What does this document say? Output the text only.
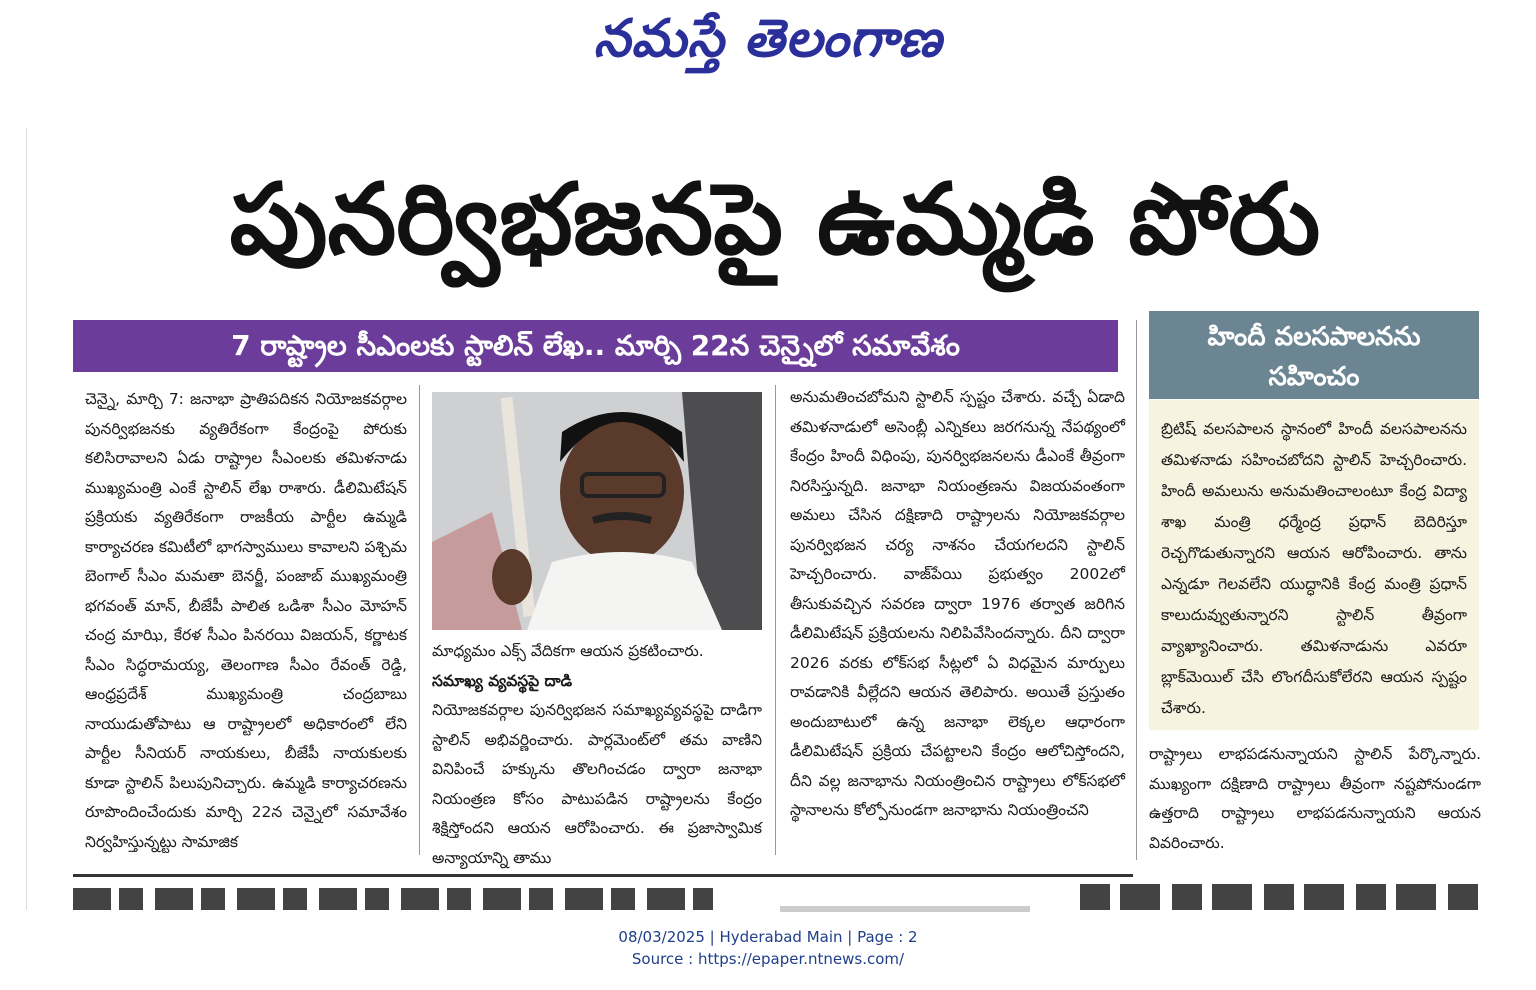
నమస్తే తెలంగాణ
పునర్విభజనపై ఉమ్మడి పోరు
7 రాష్ట్రాల సీఎంలకు స్టాలిన్ లేఖ.. మార్చి 22న చెన్నైలో సమావేశం	హిందీ వలసపాలనను
సహించం
బ్రిటిష్ వలసపాలన స్థానంలో హిందీ వలసపాలనను తమిళనాడు సహించబోదని స్టాలిన్ హెచ్చరించారు. హిందీ అమలును అనుమతించాలంటూ కేంద్ర విద్యా శాఖ మంత్రి ధర్మేంద్ర ప్రధాన్ బెదిరిస్తూ రెచ్చగొడుతున్నారని ఆయన ఆరోపించారు. తాను ఎన్నడూ గెలవలేని యుద్ధానికి కేంద్ర మంత్రి ప్రధాన్ కాలుదువ్వుతున్నారని స్టాలిన్ తీవ్రంగా వ్యాఖ్యానించారు. తమిళనాడును ఎవరూ బ్లాక్‌మెయిల్ చేసి లొంగదీసుకోలేరని ఆయన స్పష్టం చేశారు.

చెన్నై, మార్చి 7: జనాభా ప్రాతిపదికన నియోజకవర్గాల పునర్విభజనకు వ్యతిరేకంగా కేంద్రంపై పోరుకు కలిసిరావాలని ఏడు రాష్ట్రాల సీఎంలకు తమిళనాడు ముఖ్యమంత్రి ఎంకే స్టాలిన్ లేఖ రాశారు. డీలిమిటేషన్ ప్రక్రియకు వ్యతిరేకంగా రాజకీయ పార్టీల ఉమ్మడి కార్యాచరణ కమిటీలో భాగస్వాములు కావాలని పశ్చిమ బెంగాల్ సీఎం మమతా బెనర్జీ, పంజాబ్ ముఖ్యమంత్రి భగవంత్ మాన్, బీజేపీ పాలిత ఒడిశా సీఎం మోహన్ చంద్ర మాఝి, కేరళ సీఎం పినరయి విజయన్, కర్ణాటక సీఎం సిద్ధరామయ్య, తెలంగాణ సీఎం రేవంత్ రెడ్డి, ఆంధ్రప్రదేశ్ ముఖ్యమంత్రి చంద్రబాబు నాయుడుతోపాటు ఆ రాష్ట్రాలలో అధికారంలో లేని పార్టీల సీనియర్ నాయకులు, బీజేపీ నాయకులకు కూడా స్టాలిన్ పిలుపునిచ్చారు. ఉమ్మడి కార్యాచరణను రూపొందించేందుకు మార్చి 22న చెన్నైలో సమావేశం నిర్వహిస్తున్నట్టు సామాజిక

మాధ్యమం ఎక్స్ వేదికగా ఆయన ప్రకటించారు.

సమాఖ్య వ్యవస్థపై దాడి

నియోజకవర్గాల పునర్విభజన సమాఖ్యవ్యవస్థపై దాడిగా స్టాలిన్ అభివర్ణించారు. పార్లమెంట్‌లో తమ వాణిని వినిపించే హక్కును తొలగించడం ద్వారా జనాభా నియంత్రణ కోసం పాటుపడిన రాష్ట్రాలను కేంద్రం శిక్షిస్తోందని ఆయన ఆరోపించారు. ఈ ప్రజాస్వామిక అన్యాయాన్ని తాము

అనుమతించబోమని స్టాలిన్ స్పష్టం చేశారు. వచ్చే ఏడాది తమిళనాడులో అసెంబ్లీ ఎన్నికలు జరగనున్న నేపథ్యంలో కేంద్రం హిందీ విధింపు, పునర్విభజనలను డీఎంకే తీవ్రంగా నిరసిస్తున్నది. జనాభా నియంత్రణను విజయవంతంగా అమలు చేసిన దక్షిణాది రాష్ట్రాలను నియోజకవర్గాల పునర్విభజన చర్య నాశనం చేయగలదని స్టాలిన్ హెచ్చరించారు. వాజ్‌పేయి ప్రభుత్వం 2002లో తీసుకువచ్చిన సవరణ ద్వారా 1976 తర్వాత జరిగిన డీలిమిటేషన్ ప్రక్రియలను నిలిపివేసిందన్నారు. దీని ద్వారా 2026 వరకు లోక్‌సభ సీట్లలో ఏ విధమైన మార్పులు రావడానికి వీల్లేదని ఆయన తెలిపారు. అయితే ప్రస్తుతం అందుబాటులో ఉన్న జనాభా లెక్కల ఆధారంగా డీలిమిటేషన్ ప్రక్రియ చేపట్టాలని కేంద్రం ఆలోచిస్తోందని, దీని వల్ల జనాభాను నియంత్రించిన రాష్ట్రాలు లోక్‌సభలో స్థానాలను కోల్పోనుండగా జనాభాను నియంత్రించని

రాష్ట్రాలు లాభపడనున్నాయని స్టాలిన్ పేర్కొన్నారు. ముఖ్యంగా దక్షిణాది రాష్ట్రాలు తీవ్రంగా నష్టపోనుండగా ఉత్తరాది రాష్ట్రాలు లాభపడనున్నాయని ఆయన వివరించారు.

08/03/2025 | Hyderabad Main | Page : 2
Source : https://epaper.ntnews.com/
